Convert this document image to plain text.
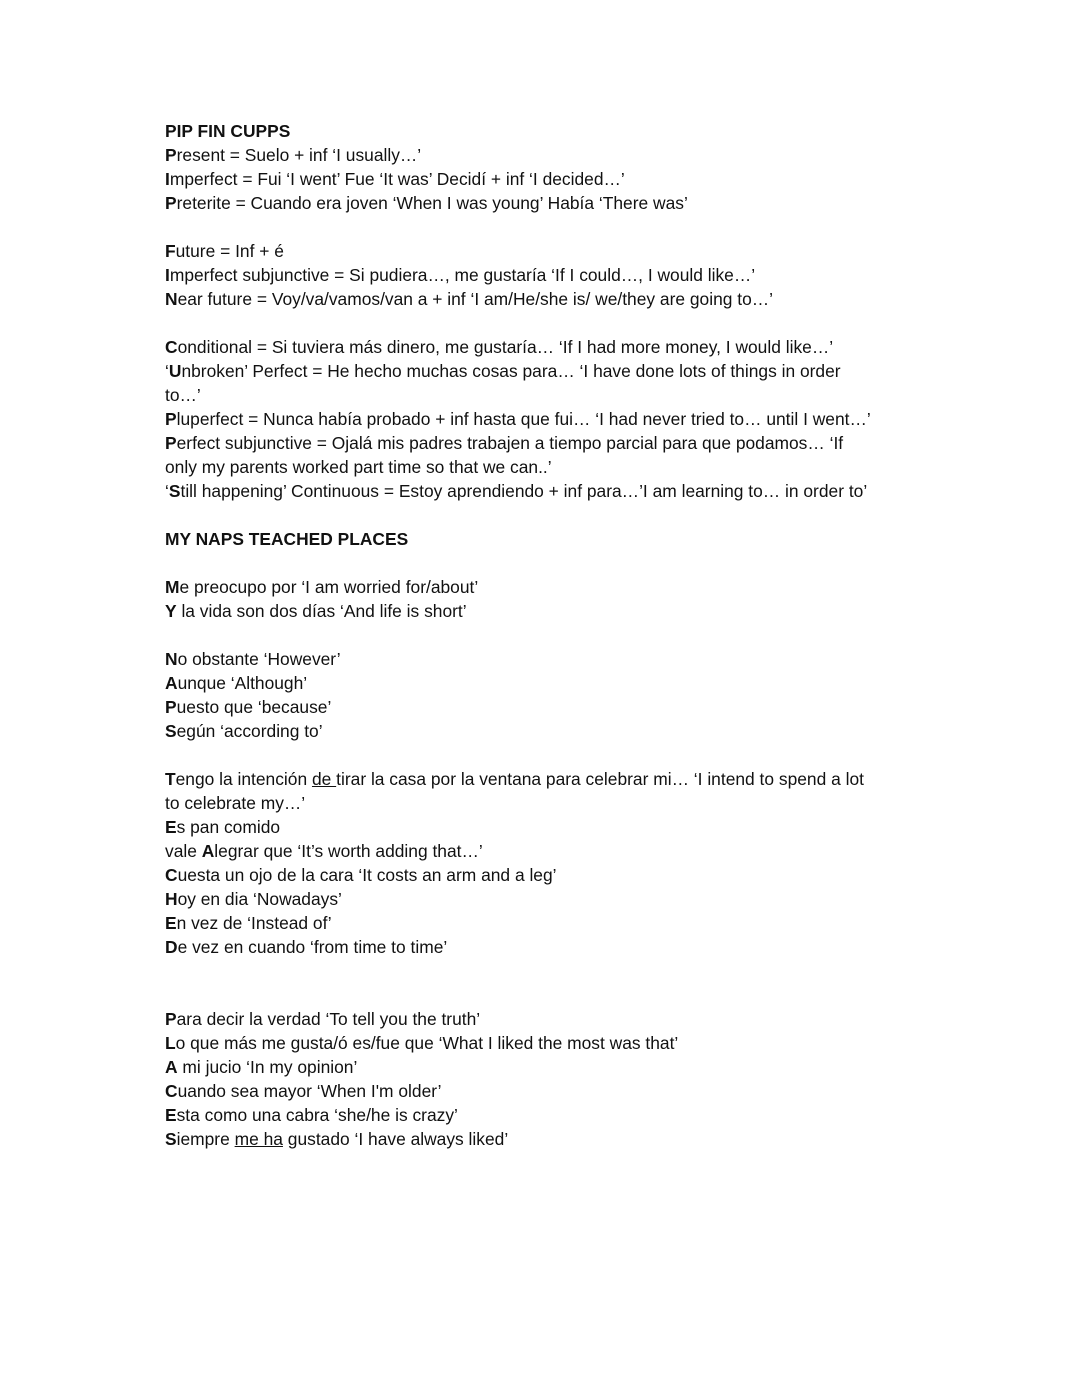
PIP FIN CUPPS
Present = Suelo + inf ‘I usually…’
Imperfect = Fui ‘I went’ Fue ‘It was’ Decidí + inf ‘I decided…’
Preterite = Cuando era joven ‘When I was young’ Había ‘There was’
Future = Inf + é
Imperfect subjunctive = Si pudiera…, me gustaría ‘If I could…, I would like…’
Near future = Voy/va/vamos/van a + inf ‘I am/He/she is/ we/they are going to…’
Conditional = Si tuviera más dinero, me gustaría… ‘If I had more money, I would like…’
‘Unbroken’ Perfect = He hecho muchas cosas para… ‘I have done lots of things in order
to…’
Pluperfect = Nunca había probado + inf hasta que fui… ‘I had never tried to… until I went…’
Perfect subjunctive = Ojalá mis padres trabajen a tiempo parcial para que podamos… ‘If
only my parents worked part time so that we can..’
‘Still happening’ Continuous = Estoy aprendiendo + inf para…’I am learning to… in order to’
MY NAPS TEACHED PLACES
Me preocupo por ‘I am worried for/about’
Y la vida son dos días ‘And life is short’
No obstante ‘However’
Aunque ‘Although’
Puesto que ‘because’
Según ‘according to’
Tengo la intención de tirar la casa por la ventana para celebrar mi… ‘I intend to spend a lot
to celebrate my…’
Es pan comido
vale Alegrar que ‘It’s worth adding that…’
Cuesta un ojo de la cara ‘It costs an arm and a leg’
Hoy en dia ‘Nowadays’
En vez de ‘Instead of’
De vez en cuando ‘from time to time’
Para decir la verdad ‘To tell you the truth’
Lo que más me gusta/ó es/fue que ‘What I liked the most was that’
A mi jucio ‘In my opinion’
Cuando sea mayor ‘When I'm older’
Esta como una cabra ‘she/he is crazy’
Siempre me ha gustado ‘I have always liked’
